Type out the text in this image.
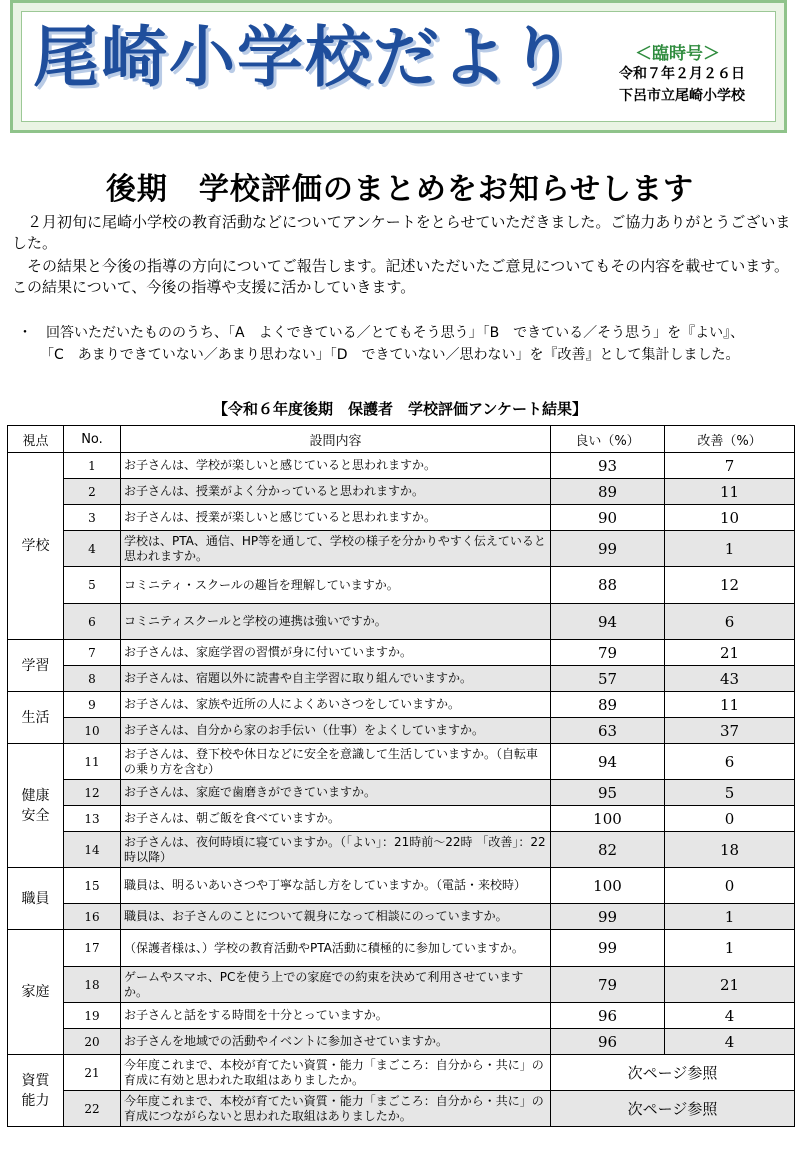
尾崎小学校だより	＜臨時号＞
令和７年２月２６日
下呂市立尾崎小学校
後期　学校評価のまとめをお知らせします
２月初旬に尾崎小学校の教育活動などについてアンケートをとらせていただきました。ご協力ありがとうございました。
その結果と今後の指導の方向についてご報告します。記述いただいたご意見についてもその内容を載せています。この結果について、今後の指導や支援に活かしていきます。
・　回答いただいたもののうち、「A　よくできている／とてもそう思う」「B　できている／そう思う」を『よい』、
「C　あまりできていない／あまり思わない」「D　できていない／思わない」を『改善』として集計しました。
【令和６年度後期　保護者　学校評価アンケート結果】
視点	No.	設問内容	良い（%）	改善（%）
学校	1	お子さんは、学校が楽しいと感じていると思われますか。	93	7
	2	お子さんは、授業がよく分かっていると思われますか。	89	11
	3	お子さんは、授業が楽しいと感じていると思われますか。	90	10
	4	学校は、PTA、通信、HP等を通して、学校の様子を分かりやすく伝えていると思われますか。	99	1
	5	コミニティ・スクールの趣旨を理解していますか。	88	12
	6	コミニティスクールと学校の連携は強いですか。	94	6
学習	7	お子さんは、家庭学習の習慣が身に付いていますか。	79	21
	8	お子さんは、宿題以外に読書や自主学習に取り組んでいますか。	57	43
生活	9	お子さんは、家族や近所の人によくあいさつをしていますか。	89	11
	10	お子さんは、自分から家のお手伝い（仕事）をよくしていますか。	63	37
健康安全	11	お子さんは、登下校や休日などに安全を意識して生活していますか。（自転車の乗り方を含む）	94	6
	12	お子さんは、家庭で歯磨きができていますか。	95	5
	13	お子さんは、朝ご飯を食べていますか。	100	0
	14	お子さんは、夜何時頃に寝ていますか。（「よい」：21時前～22時 「改善」：22時以降）	82	18
職員	15	職員は、明るいあいさつや丁寧な話し方をしていますか。（電話・来校時）	100	0
	16	職員は、お子さんのことについて親身になって相談にのっていますか。	99	1
家庭	17	（保護者様は、）学校の教育活動やPTA活動に積極的に参加していますか。	99	1
	18	ゲームやスマホ、PCを使う上での家庭での約束を決めて利用させていますか。	79	21
	19	お子さんと話をする時間を十分とっていますか。	96	4
	20	お子さんを地域での活動やイベントに参加させていますか。	96	4
資質能力	21	今年度これまで、本校が育てたい資質・能力「まごころ：自分から・共に」の育成に有効と思われた取組はありましたか。	次ページ参照	
	22	今年度これまで、本校が育てたい資質・能力「まごころ：自分から・共に」の育成につながらないと思われた取組はありましたか。	次ページ参照	
